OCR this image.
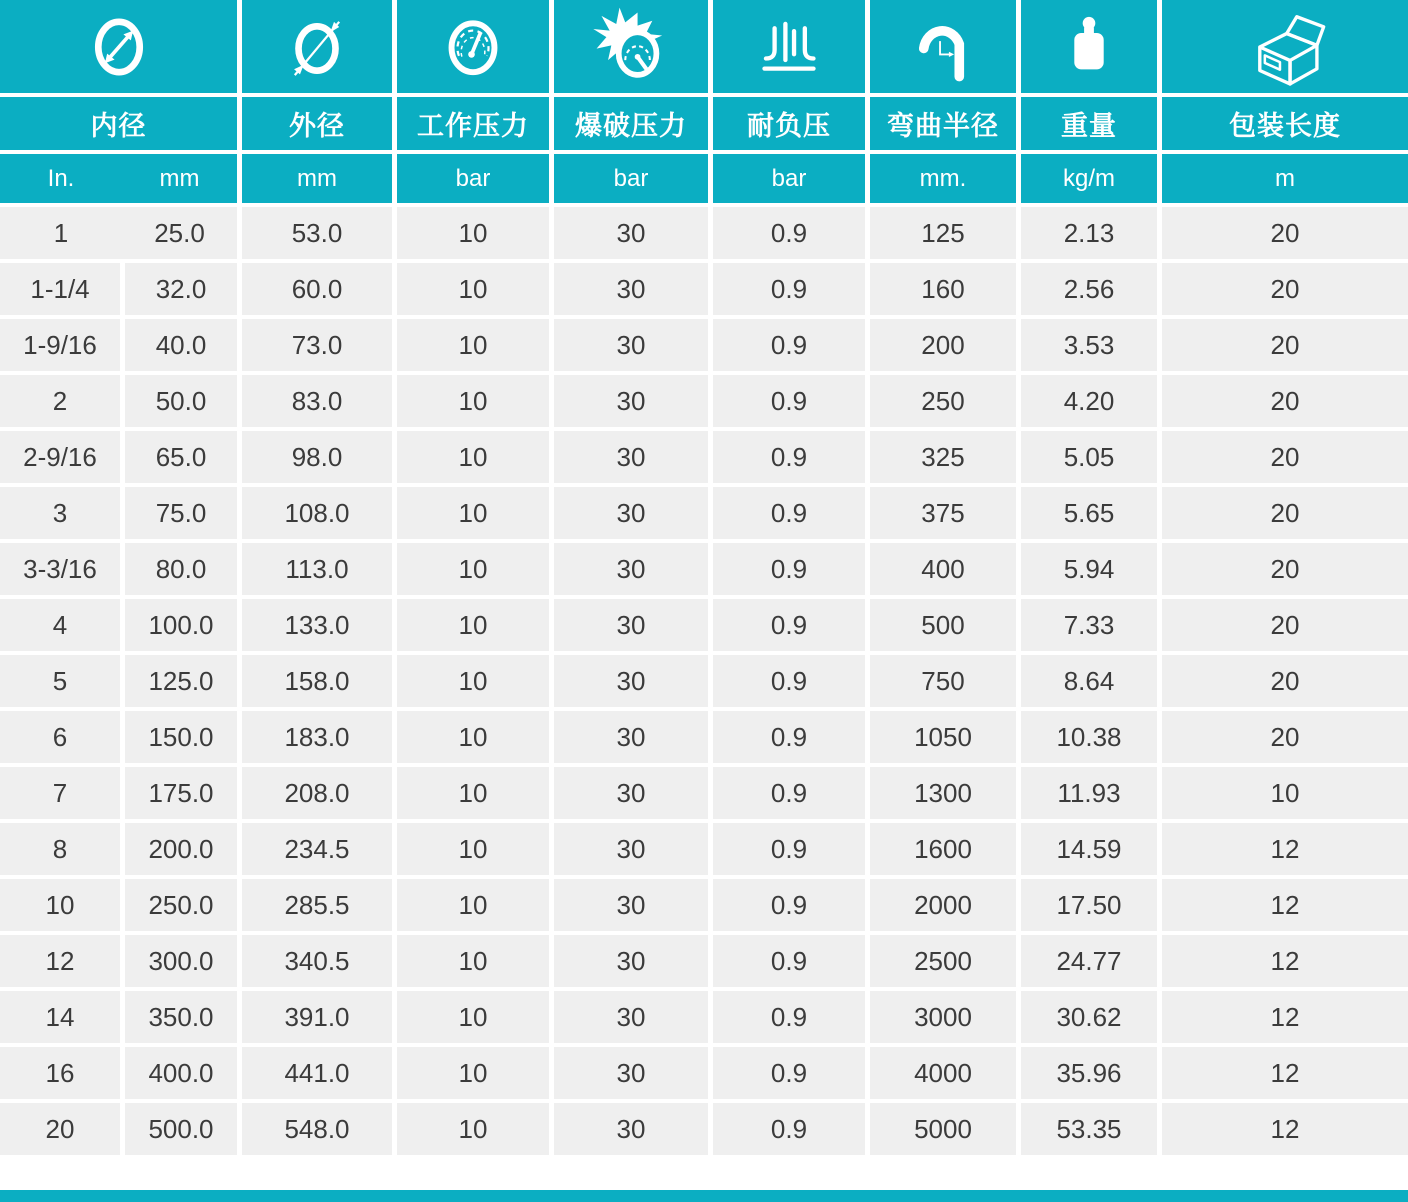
内径	外径	工作压力	爆破压力	耐负压	弯曲半径	重量	包装长度
In.	mm	mm	bar	bar	bar	mm.	kg/m	m
1	25.0	53.0	10	30	0.9	125	2.13	20
1-1/4	32.0	60.0	10	30	0.9	160	2.56	20
1-9/16	40.0	73.0	10	30	0.9	200	3.53	20
2	50.0	83.0	10	30	0.9	250	4.20	20
2-9/16	65.0	98.0	10	30	0.9	325	5.05	20
3	75.0	108.0	10	30	0.9	375	5.65	20
3-3/16	80.0	113.0	10	30	0.9	400	5.94	20
4	100.0	133.0	10	30	0.9	500	7.33	20
5	125.0	158.0	10	30	0.9	750	8.64	20
6	150.0	183.0	10	30	0.9	1050	10.38	20
7	175.0	208.0	10	30	0.9	1300	11.93	10
8	200.0	234.5	10	30	0.9	1600	14.59	12
10	250.0	285.5	10	30	0.9	2000	17.50	12
12	300.0	340.5	10	30	0.9	2500	24.77	12
14	350.0	391.0	10	30	0.9	3000	30.62	12
16	400.0	441.0	10	30	0.9	4000	35.96	12
20	500.0	548.0	10	30	0.9	5000	53.35	12
